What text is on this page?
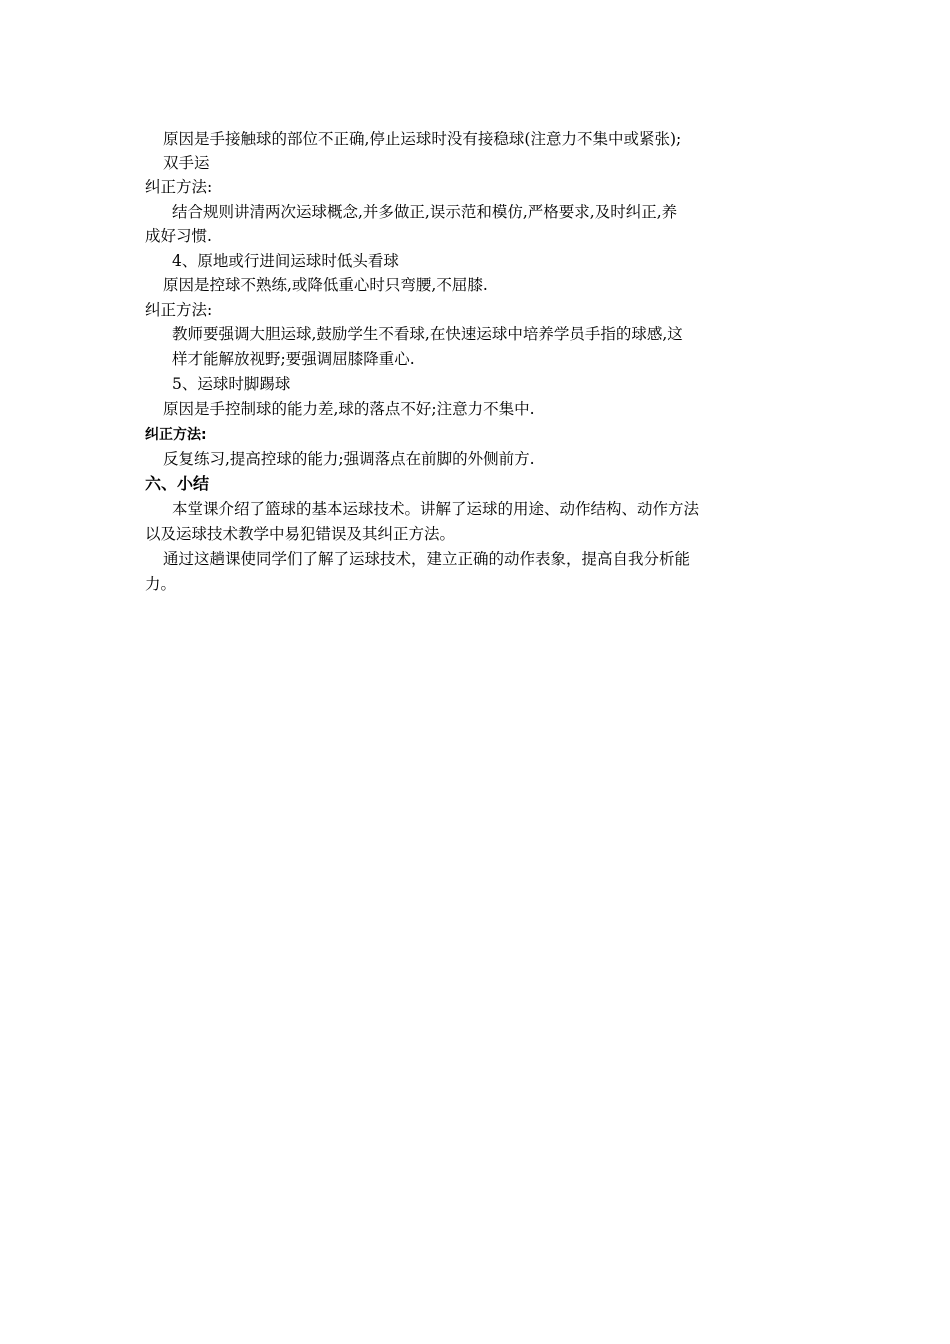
原因是手接触球的部位不正确,停止运球时没有接稳球(注意力不集中或紧张);
双手运
纠正方法:
结合规则讲清两次运球概念,并多做正,误示范和模仿,严格要求,及时纠正,养
成好习惯.
4、原地或行进间运球时低头看球
原因是控球不熟练,或降低重心时只弯腰,不屈膝.
纠正方法:
教师要强调大胆运球,鼓励学生不看球,在快速运球中培养学员手指的球感,这
样才能解放视野;要强调屈膝降重心.
5、运球时脚踢球
原因是手控制球的能力差,球的落点不好;注意力不集中.
纠正方法:
反复练习,提高控球的能力;强调落点在前脚的外侧前方.
六、小结
本堂课介绍了篮球的基本运球技术。讲解了运球的用途、动作结构、动作方法
以及运球技术教学中易犯错误及其纠正方法。
通过这趟课使同学们了解了运球技术，建立正确的动作表象，提高自我分析能
力。
